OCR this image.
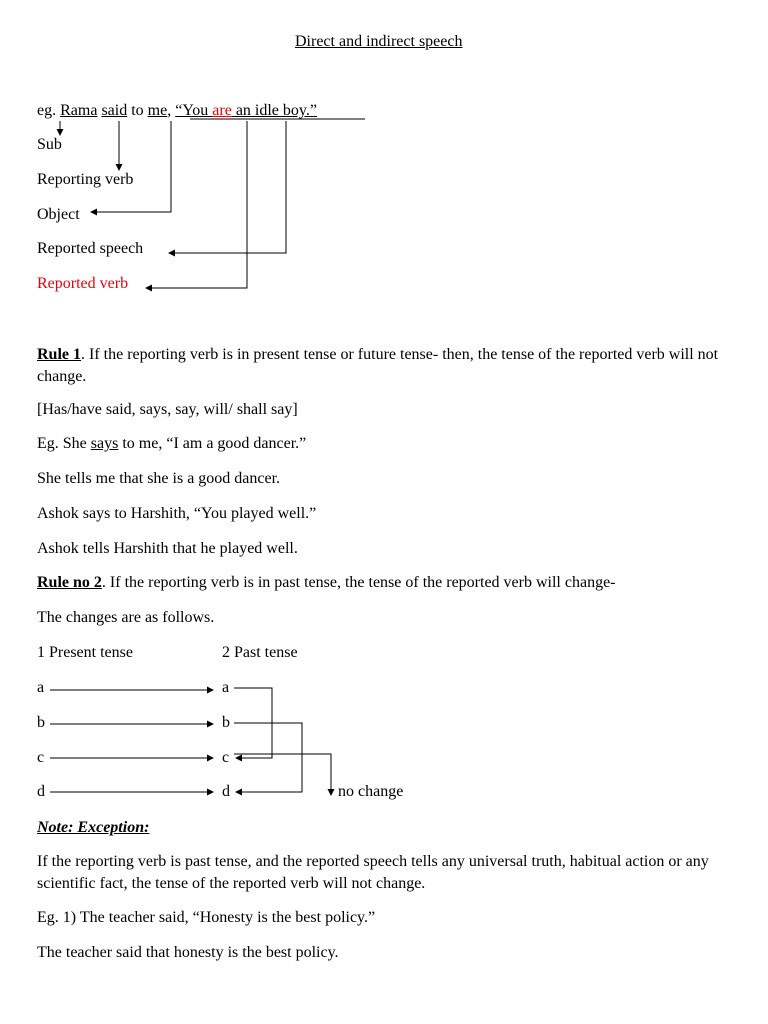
Direct and indirect speech
eg. Rama said to me, “You are an idle boy.”
Sub
Reporting verb
Object
Reported speech
Reported verb
Rule 1. If the reporting verb is in present tense or future tense- then, the tense of the reported verb will not change.
[Has/have said, says, say, will/ shall say]
Eg. She says to me, “I am a good dancer.”
She tells me that she is a good dancer.
Ashok says to Harshith, “You played well.”
Ashok tells Harshith that he played well.
Rule no 2. If the reporting verb is in past tense, the tense of the reported verb will change-
The changes are as follows.
1 Present tense	2 Past tense
a
b
c
d
a
b
c
d	no change
Note: Exception:
If the reporting verb is past tense, and the reported speech tells any universal truth, habitual action or any scientific fact, the tense of the reported verb will not change.
Eg. 1) The teacher said, “Honesty is the best policy.”
The teacher said that honesty is the best policy.
